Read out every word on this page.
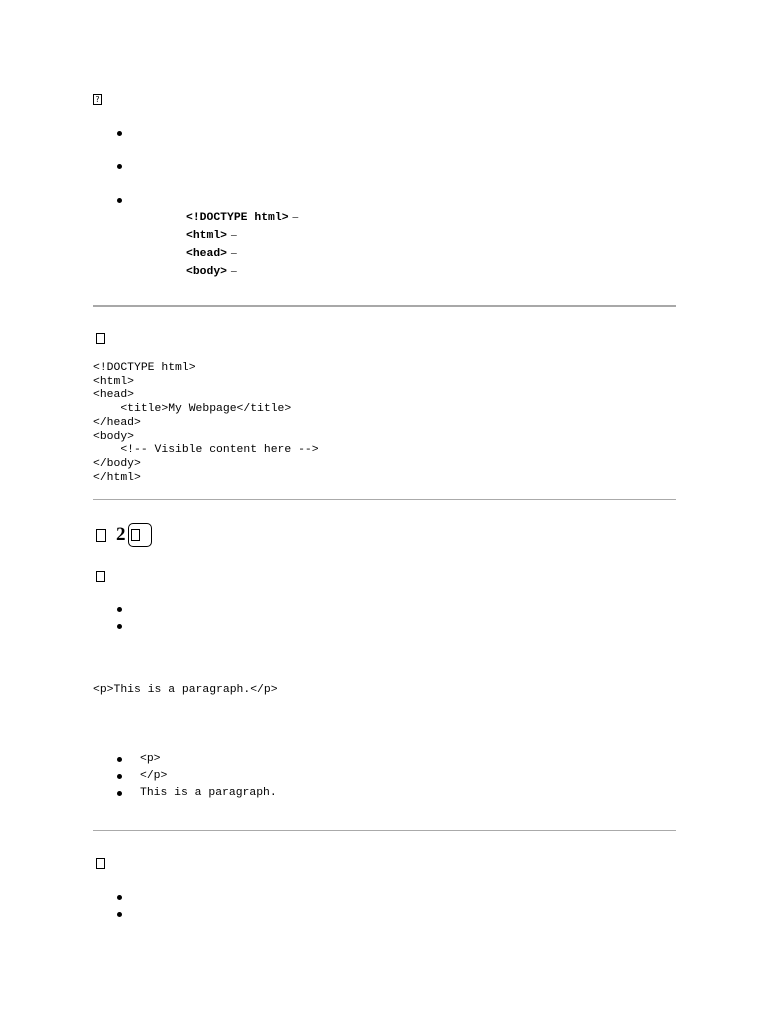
?
<!DOCTYPE html> –
<html> –
<head> –
<body> –
<!DOCTYPE html>
<html>
<head>
<title>My Webpage</title>
</head>
<body>
<!-- Visible content here -->
</body>
</html>
2
<p>This is a paragraph.</p>
<p>
</p>
This is a paragraph.
